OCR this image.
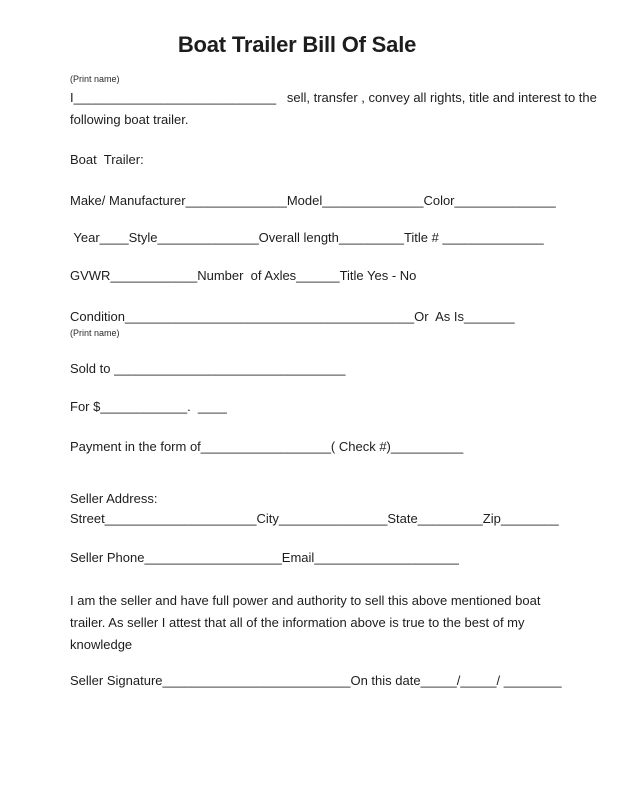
Boat Trailer Bill Of Sale
(Print name)
I____________________________   sell, transfer , convey all rights, title and interest to the
following boat trailer.
Boat  Trailer:
Make/ Manufacturer______________Model______________Color______________
Year____Style______________Overall length_________Title # ______________
GVWR____________Number  of Axles______Title Yes - No
Condition________________________________________Or  As Is_______
(Print name)
Sold to ________________________________
For $____________.  ____
Payment in the form of__________________( Check #)__________
Seller Address:
Street_____________________City_______________State_________Zip________
Seller Phone___________________Email____________________
I am the seller and have full power and authority to sell this above mentioned boat
trailer. As seller I attest that all of the information above is true to the best of my
knowledge
Seller Signature__________________________On this date_____/_____/ ________
